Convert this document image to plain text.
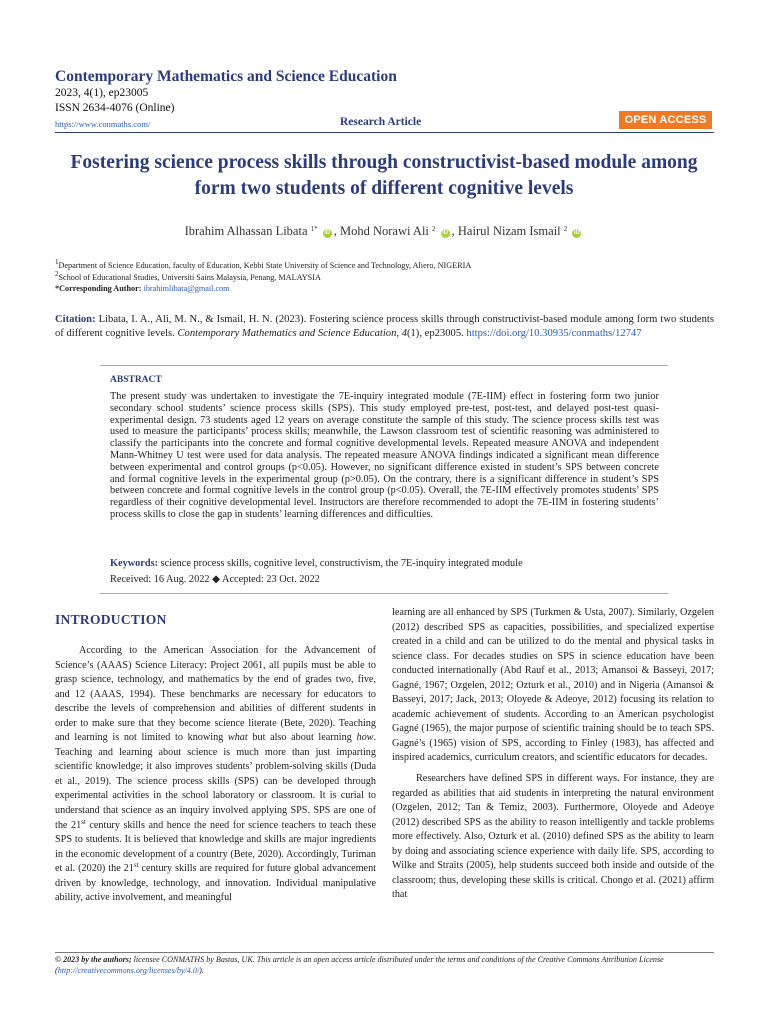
Contemporary Mathematics and Science Education
2023, 4(1), ep23005
ISSN 2634-4076 (Online)
https://www.conmaths.com/	Research Article	OPEN ACCESS
Fostering science process skills through constructivist-based module among form two students of different cognitive levels
Ibrahim Alhassan Libata $^{1*}$ iD , Mohd Norawi Ali $^2$ iD , Hairul Nizam Ismail $^2$ iD
$^1$Department of Science Education, faculty of Education, Kebbi State University of Science and Technology, Aliero, NIGERIA
$^2$School of Educational Studies, Universiti Sains Malaysia, Penang, MALAYSIA
*Corresponding Author: ibrahimlibata@gmail.com
Citation: Libata, I. A., Ali, M. N., & Ismail, H. N. (2023). Fostering science process skills through constructivist-based module among form two students of different cognitive levels. Contemporary Mathematics and Science Education, 4(1), ep23005. https://doi.org/10.30935/conmaths/12747
ABSTRACT
The present study was undertaken to investigate the 7E-inquiry integrated module (7E-IIM) effect in fostering form two junior secondary school students’ science process skills (SPS). This study employed pre-test, post-test, and delayed post-test quasi-experimental design. 73 students aged 12 years on average constitute the sample of this study. The science process skills test was used to measure the participants’ process skills; meanwhile, the Lawson classroom test of scientific reasoning was administered to classify the participants into the concrete and formal cognitive developmental levels. Repeated measure ANOVA and independent Mann-Whitney U test were used for data analysis. The repeated measure ANOVA findings indicated a significant mean difference between experimental and control groups (p<0.05). However, no significant difference existed in student’s SPS between concrete and formal cognitive levels in the experimental group (p>0.05). On the contrary, there is a significant difference in student’s SPS between concrete and formal cognitive levels in the control group (p<0.05). Overall, the 7E-IIM effectively promotes students’ SPS regardless of their cognitive developmental level. Instructors are therefore recommended to adopt the 7E-IIM in fostering students’ process skills to close the gap in students’ learning differences and difficulties.
Keywords: science process skills, cognitive level, constructivism, the 7E-inquiry integrated module
Received: 16 Aug. 2022 ◆ Accepted: 23 Oct. 2022
INTRODUCTION

According to the American Association for the Advancement of Science’s (AAAS) Science Literacy: Project 2061, all pupils must be able to grasp science, technology, and mathematics by the end of grades two, five, and 12 (AAAS, 1994). These benchmarks are necessary for educators to describe the levels of comprehension and abilities of different students in order to make sure that they become science literate (Bete, 2020). Teaching and learning is not limited to knowing what but also about learning how. Teaching and learning about science is much more than just imparting scientific knowledge; it also improves students’ problem-solving skills (Duda et al., 2019). The science process skills (SPS) can be developed through experimental activities in the school laboratory or classroom. It is curial to understand that science as an inquiry involved applying SPS. SPS are one of the 21st century skills and hence the need for science teachers to teach these SPS to students. It is believed that knowledge and skills are major ingredients in the economic development of a country (Bete, 2020). Accordingly, Turiman et al. (2020) the 21st century skills are required for future global advancement driven by knowledge, technology, and innovation. Individual manipulative ability, active involvement, and meaningful

learning are all enhanced by SPS (Turkmen & Usta, 2007). Similarly, Ozgelen (2012) described SPS as capacities, possibilities, and specialized expertise created in a child and can be utilized to do the mental and physical tasks in science class. For decades studies on SPS in science education have been conducted internationally (Abd Rauf et al., 2013; Amansoi & Basseyi, 2017; Gagné, 1967; Ozgelen, 2012; Ozturk et al., 2010) and in Nigeria (Amansoi & Basseyi, 2017; Jack, 2013; Oloyede & Adeoye, 2012) focusing its relation to academic achievement of students. According to an American psychologist Gagné (1965), the major purpose of scientific training should be to teach SPS. Gagné’s (1965) vision of SPS, according to Finley (1983), has affected and inspired academics, curriculum creators, and scientific educators for decades.

Researchers have defined SPS in different ways. For instance, they are regarded as abilities that aid students in interpreting the natural environment (Ozgelen, 2012; Tan & Temiz, 2003). Furthermore, Oloyede and Adeoye (2012) described SPS as the ability to reason intelligently and tackle problems more effectively. Also, Ozturk et al. (2010) defined SPS as the ability to learn by doing and associating science experience with daily life. SPS, according to Wilke and Straits (2005), help students succeed both inside and outside of the classroom; thus, developing these skills is critical. Chongo et al. (2021) affirm that

© 2023 by the authors; licensee CONMATHS by Bastas, UK. This article is an open access article distributed under the terms and conditions of the Creative Commons Attribution License (http://creativecommons.org/licenses/by/4.0/).
